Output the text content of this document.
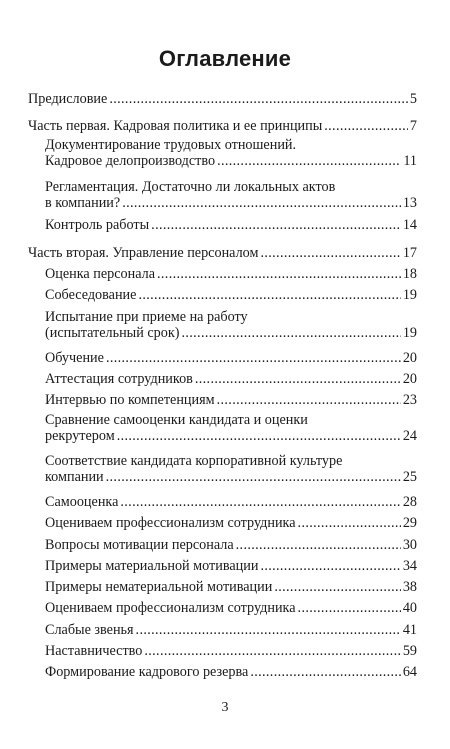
Оглавление
Предисловие . . .	5
Часть первая. Кадровая политика и ее принципы . . .	7
Документирование трудовых отношений.
Кадровое делопроизводство . . .	11
Регламентация. Достаточно ли локальных актов
в компании? . . .	13
Контроль работы . . .	14
Часть вторая. Управление персоналом . . .	17
Оценка персонала . . .	18
Собеседование . . .	19
Испытание при приеме на работу
(испытательный срок) . . .	19
Обучение . . .	20
Аттестация сотрудников . . .	20
Интервью по компетенциям . . .	23
Сравнение самооценки кандидата и оценки
рекрутером . . .	24
Соответствие кандидата корпоративной культуре
компании . . .	25
Самооценка . . .	28
Оцениваем профессионализм сотрудника . . .	29
Вопросы мотивации персонала . . .	30
Примеры материальной мотивации . . .	34
Примеры нематериальной мотивации . . .	38
Оцениваем профессионализм сотрудника . . .	40
Слабые звенья . . .	41
Наставничество . . .	59
Формирование кадрового резерва . . .	64
3
